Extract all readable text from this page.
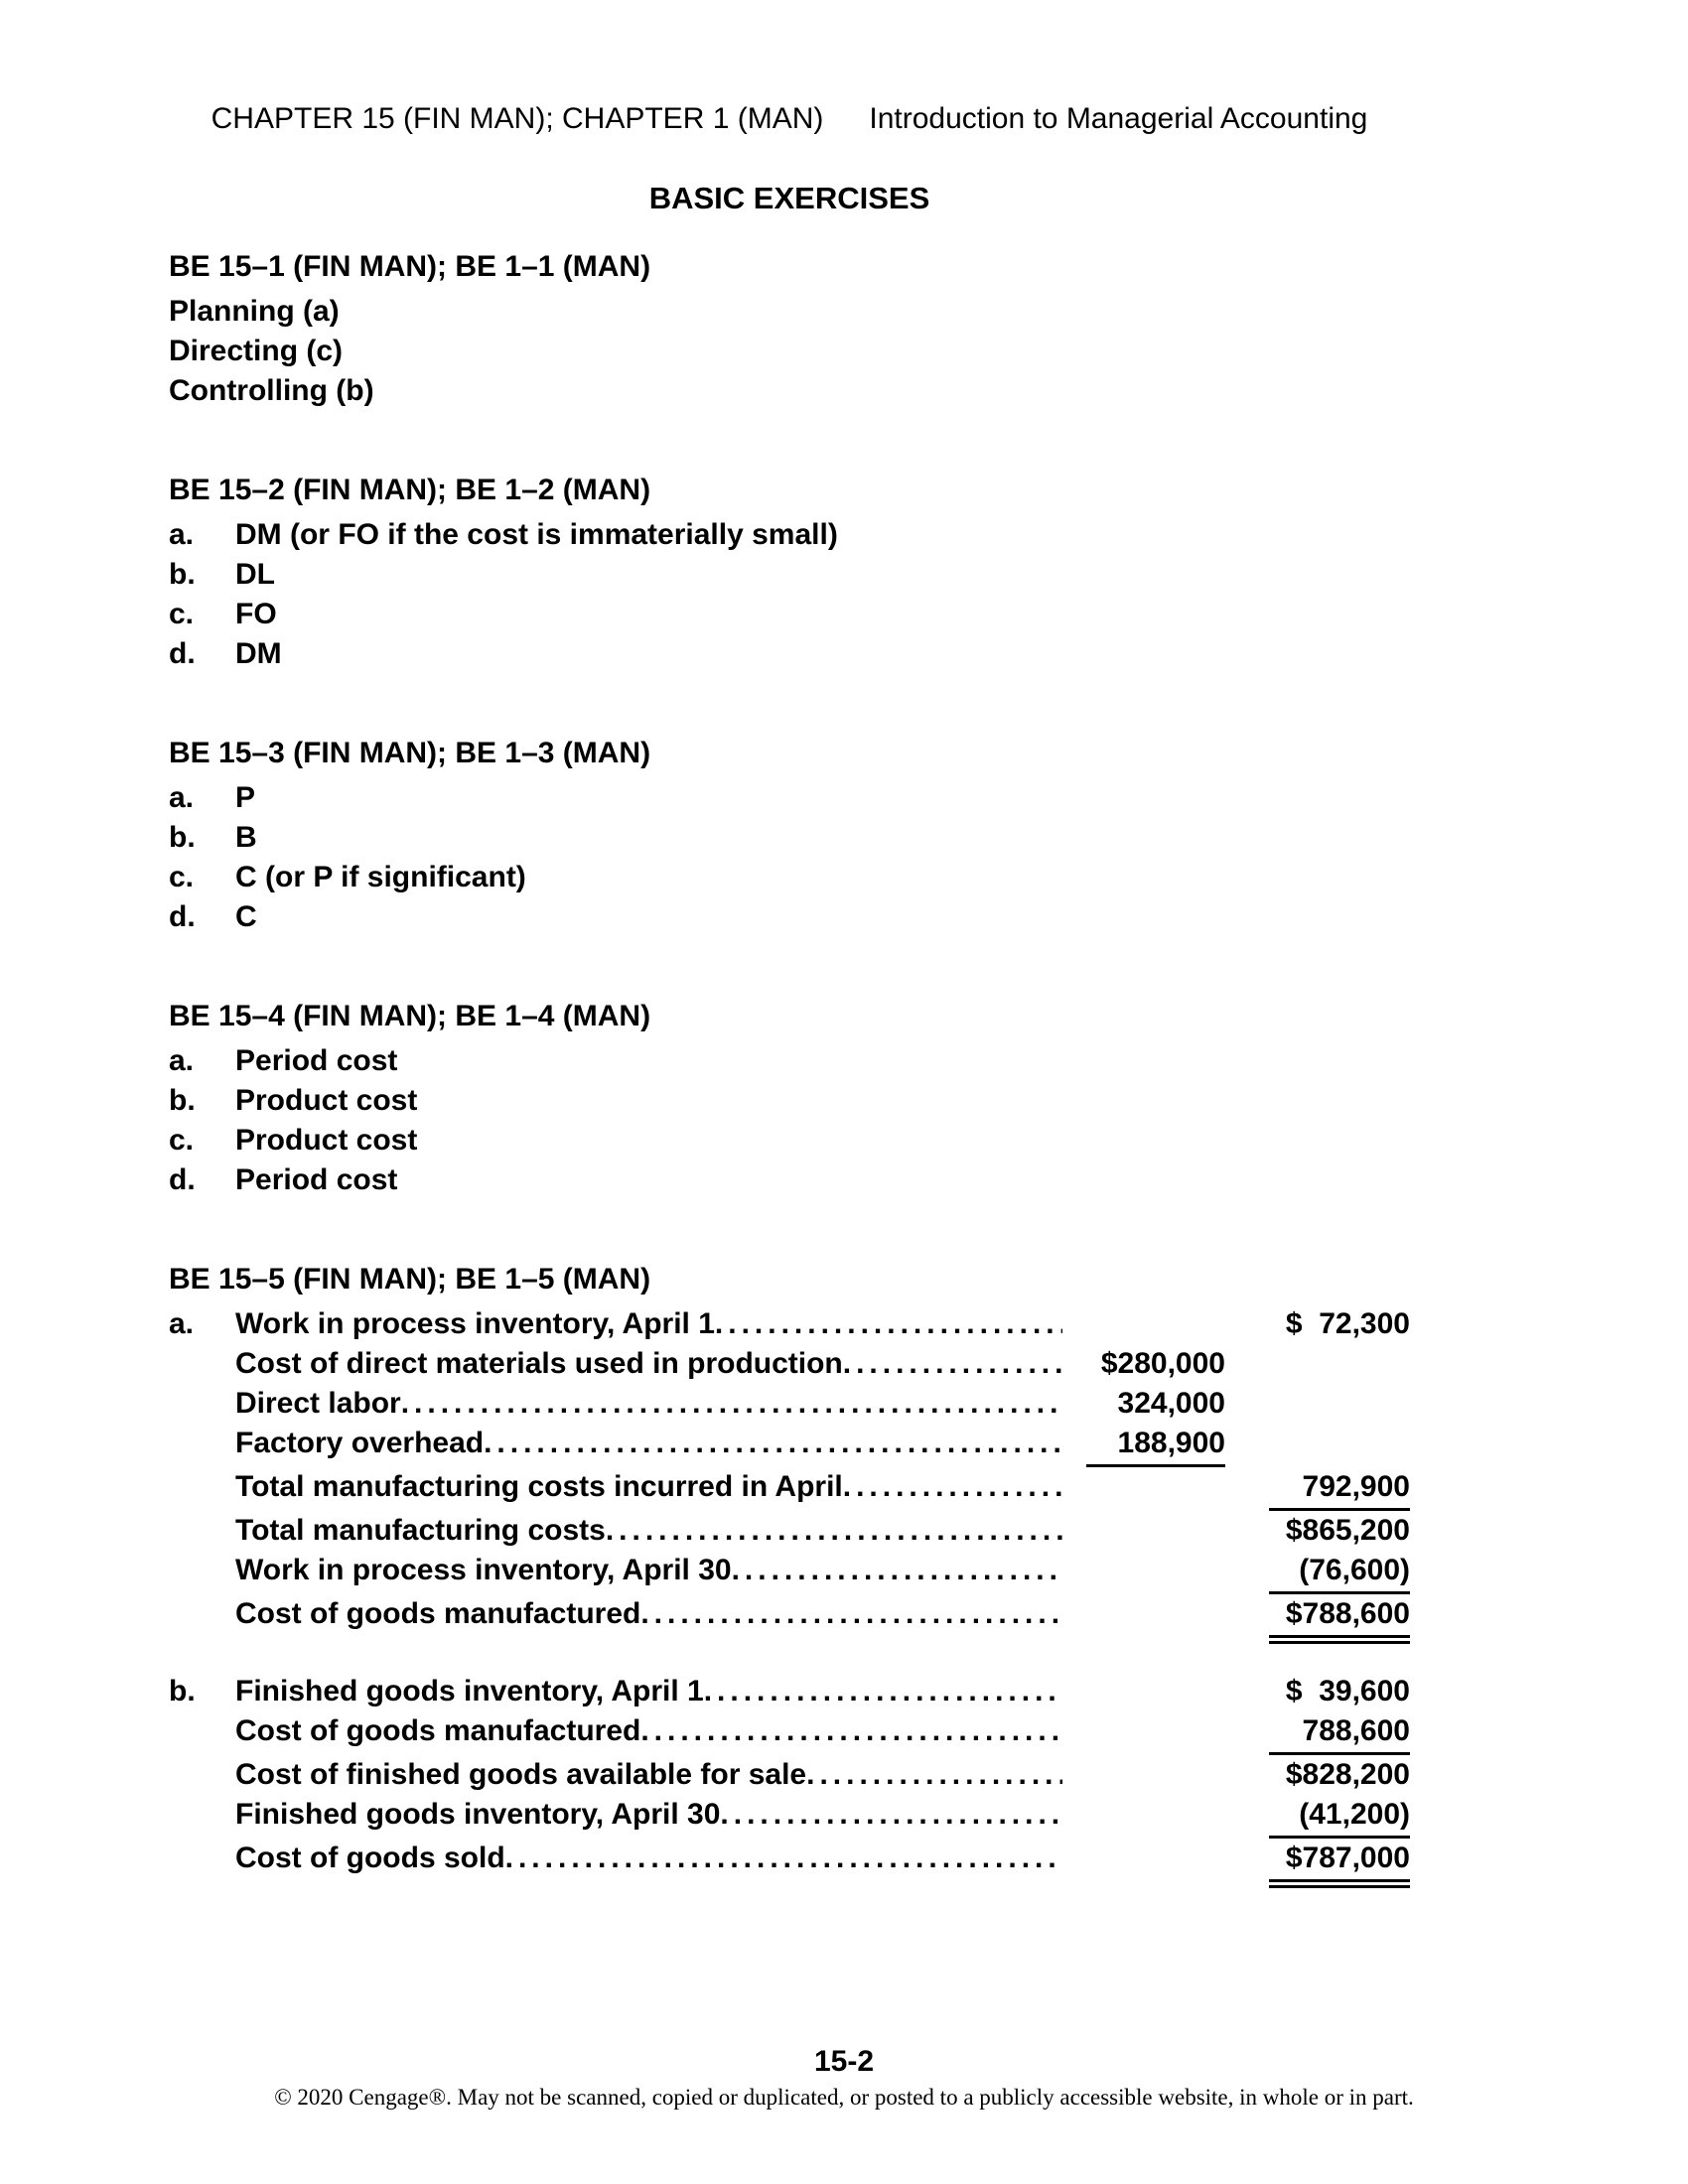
CHAPTER 15 (FIN MAN); CHAPTER 1 (MAN) Introduction to Managerial Accounting
BASIC EXERCISES
BE 15–1 (FIN MAN); BE 1–1 (MAN)
Planning (a)
Directing (c)
Controlling (b)
BE 15–2 (FIN MAN); BE 1–2 (MAN)
a.	DM (or FO if the cost is immaterially small)
b.	DL
c.	FO
d.	DM
BE 15–3 (FIN MAN); BE 1–3 (MAN)
a.	P
b.	B
c.	C (or P if significant)
d.	C
BE 15–4 (FIN MAN); BE 1–4 (MAN)
a.	Period cost
b.	Product cost
c.	Product cost
d.	Period cost
BE 15–5 (FIN MAN); BE 1–5 (MAN)
a.	Work in process inventory, April 1 .....	$  72,300
Cost of direct materials used in production .....	$280,000
Direct labor .....	324,000
Factory overhead .....	188,900
Total manufacturing costs incurred in April .....	792,900
Total manufacturing costs .....	$865,200
Work in process inventory, April 30 .....	(76,600)
Cost of goods manufactured .....	$788,600
b.	Finished goods inventory, April 1 .....	$  39,600
Cost of goods manufactured .....	788,600
Cost of finished goods available for sale .....	$828,200
Finished goods inventory, April 30 .....	(41,200)
Cost of goods sold .....	$787,000
15-2
© 2020 Cengage®. May not be scanned, copied or duplicated, or posted to a publicly accessible website, in whole or in part.
